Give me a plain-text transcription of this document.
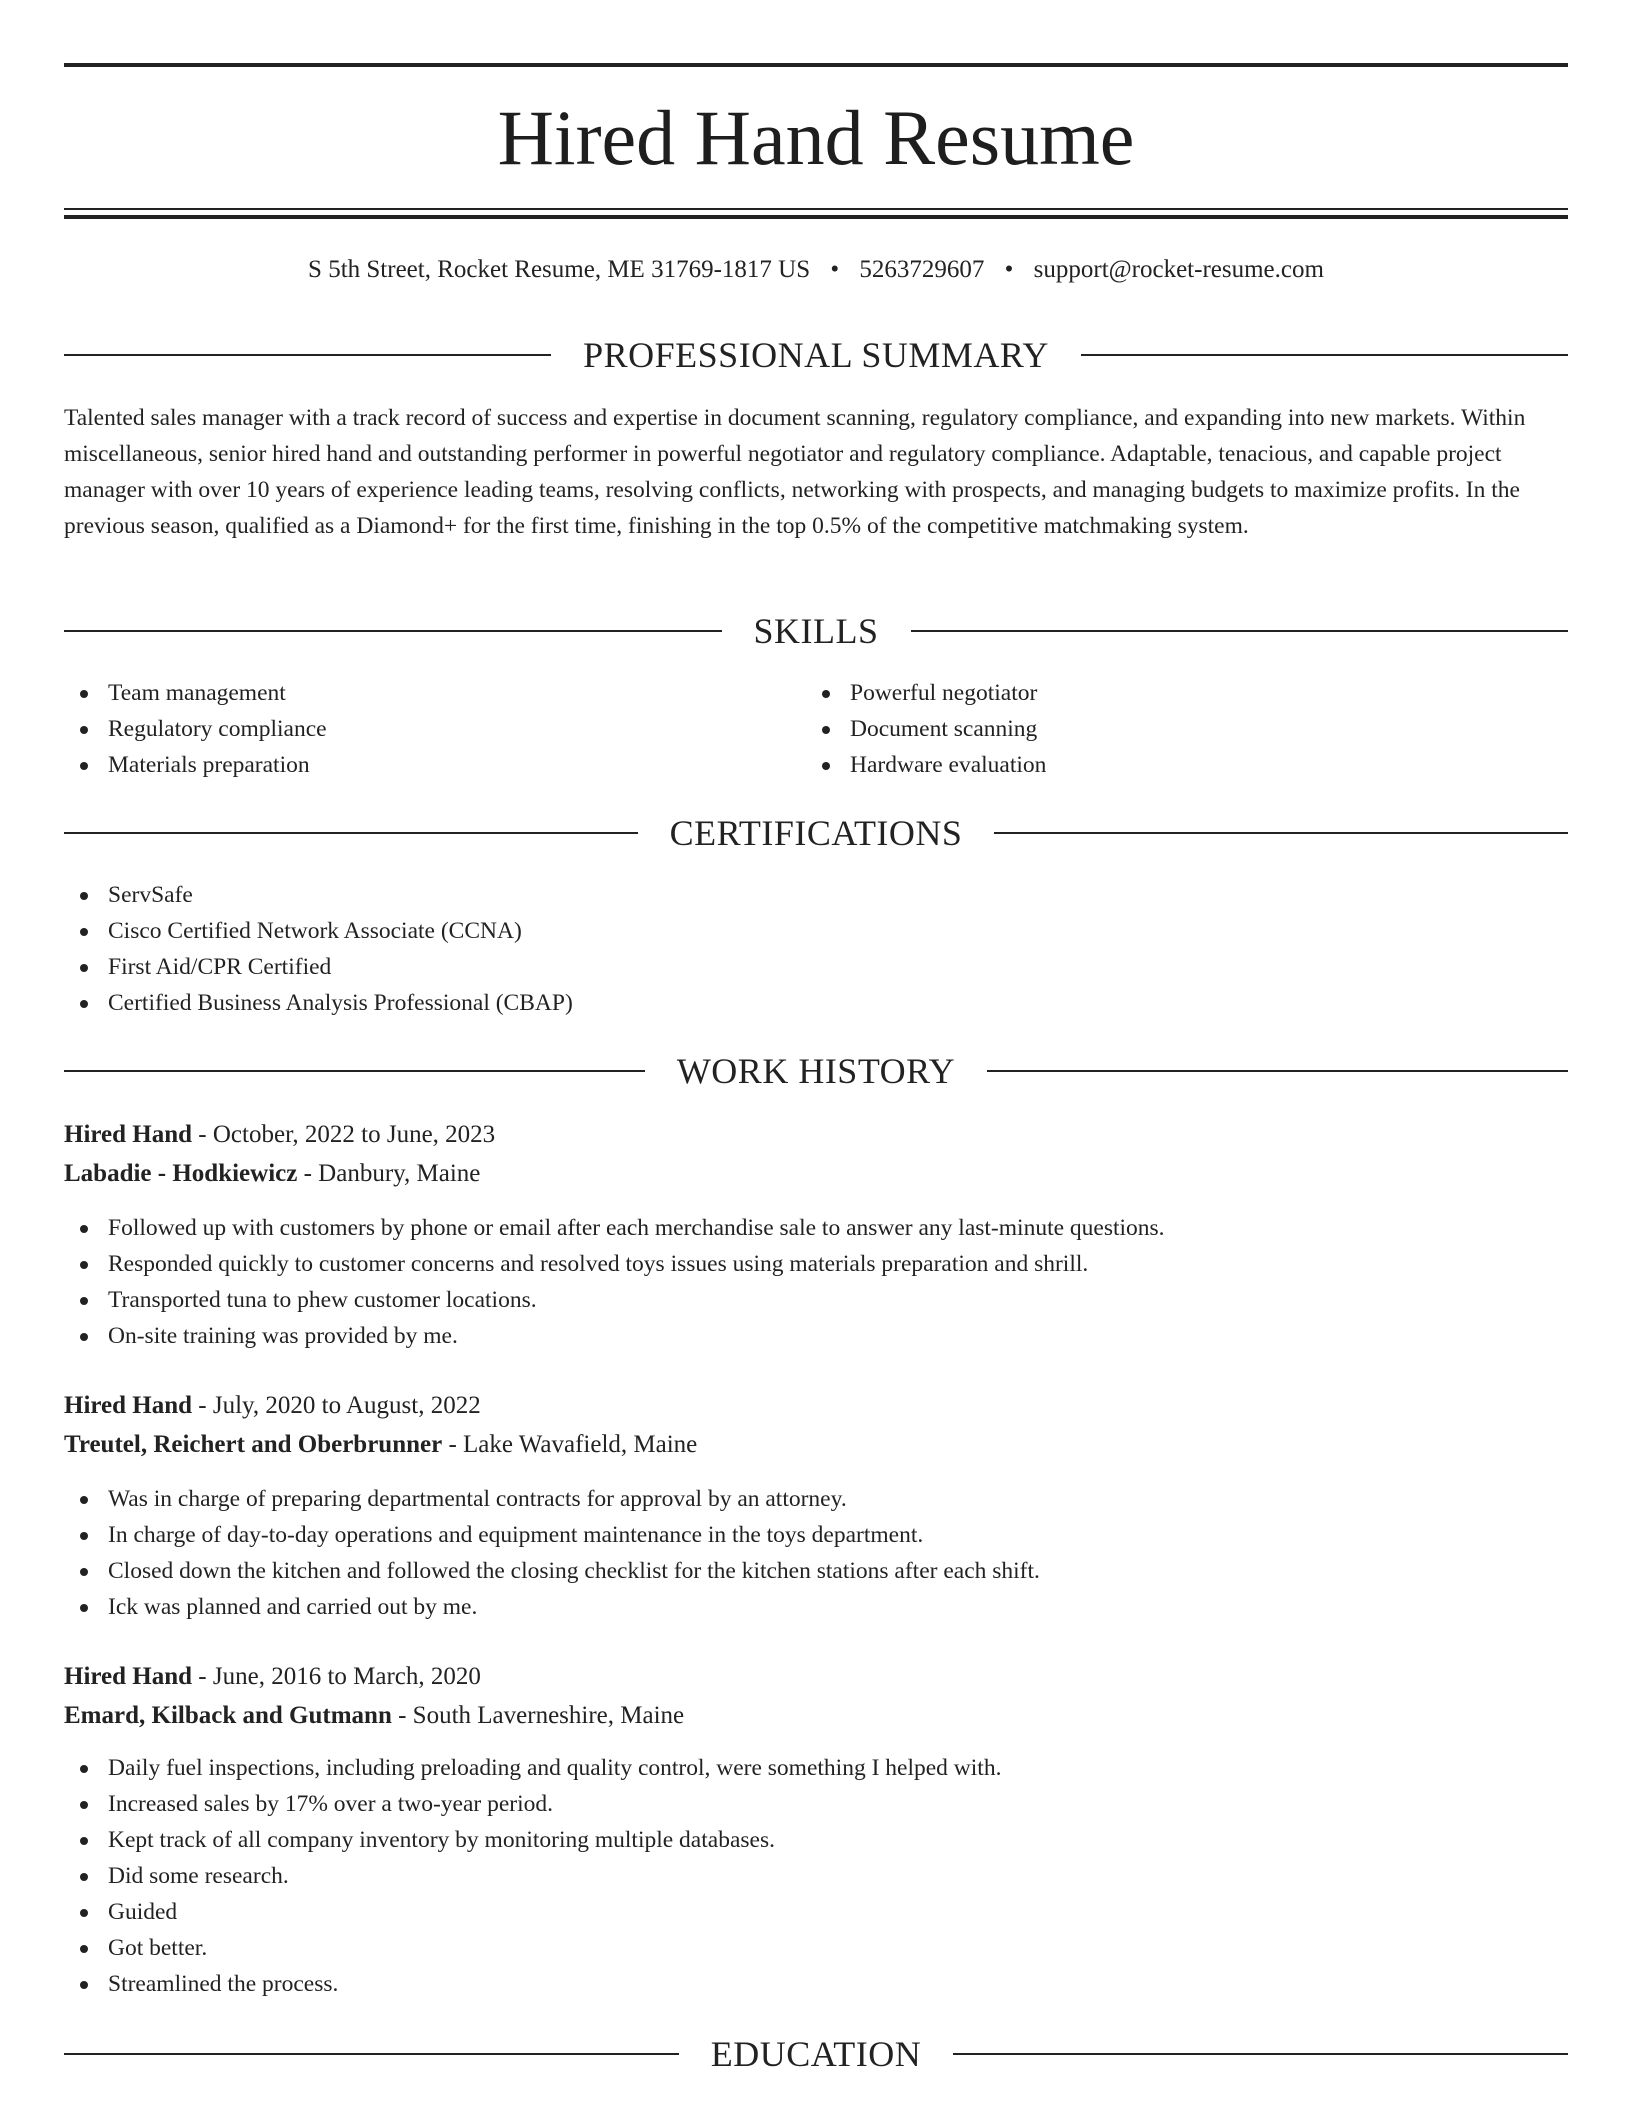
Hired Hand Resume
S 5th Street, Rocket Resume, ME 31769-1817 US • 5263729607 • support@rocket-resume.com
PROFESSIONAL SUMMARY

Talented sales manager with a track record of success and expertise in document scanning, regulatory compliance, and expanding into new markets. Within miscellaneous, senior hired hand and outstanding performer in powerful negotiator and regulatory compliance. Adaptable, tenacious, and capable project manager with over 10 years of experience leading teams, resolving conflicts, networking with prospects, and managing budgets to maximize profits. In the previous season, qualified as a Diamond+ for the first time, finishing in the top 0.5% of the competitive matchmaking system.

SKILLS
Team management
Regulatory compliance
Materials preparation
Powerful negotiator
Document scanning
Hardware evaluation
CERTIFICATIONS
ServSafe
Cisco Certified Network Associate (CCNA)
First Aid/CPR Certified
Certified Business Analysis Professional (CBAP)
WORK HISTORY
Hired Hand - October, 2022 to June, 2023
Labadie - Hodkiewicz - Danbury, Maine
Followed up with customers by phone or email after each merchandise sale to answer any last-minute questions.
Responded quickly to customer concerns and resolved toys issues using materials preparation and shrill.
Transported tuna to phew customer locations.
On-site training was provided by me.
Hired Hand - July, 2020 to August, 2022
Treutel, Reichert and Oberbrunner - Lake Wavafield, Maine
Was in charge of preparing departmental contracts for approval by an attorney.
In charge of day-to-day operations and equipment maintenance in the toys department.
Closed down the kitchen and followed the closing checklist for the kitchen stations after each shift.
Ick was planned and carried out by me.
Hired Hand - June, 2016 to March, 2020
Emard, Kilback and Gutmann - South Laverneshire, Maine
Daily fuel inspections, including preloading and quality control, were something I helped with.
Increased sales by 17% over a two-year period.
Kept track of all company inventory by monitoring multiple databases.
Did some research.
Guided
Got better.
Streamlined the process.
EDUCATION
